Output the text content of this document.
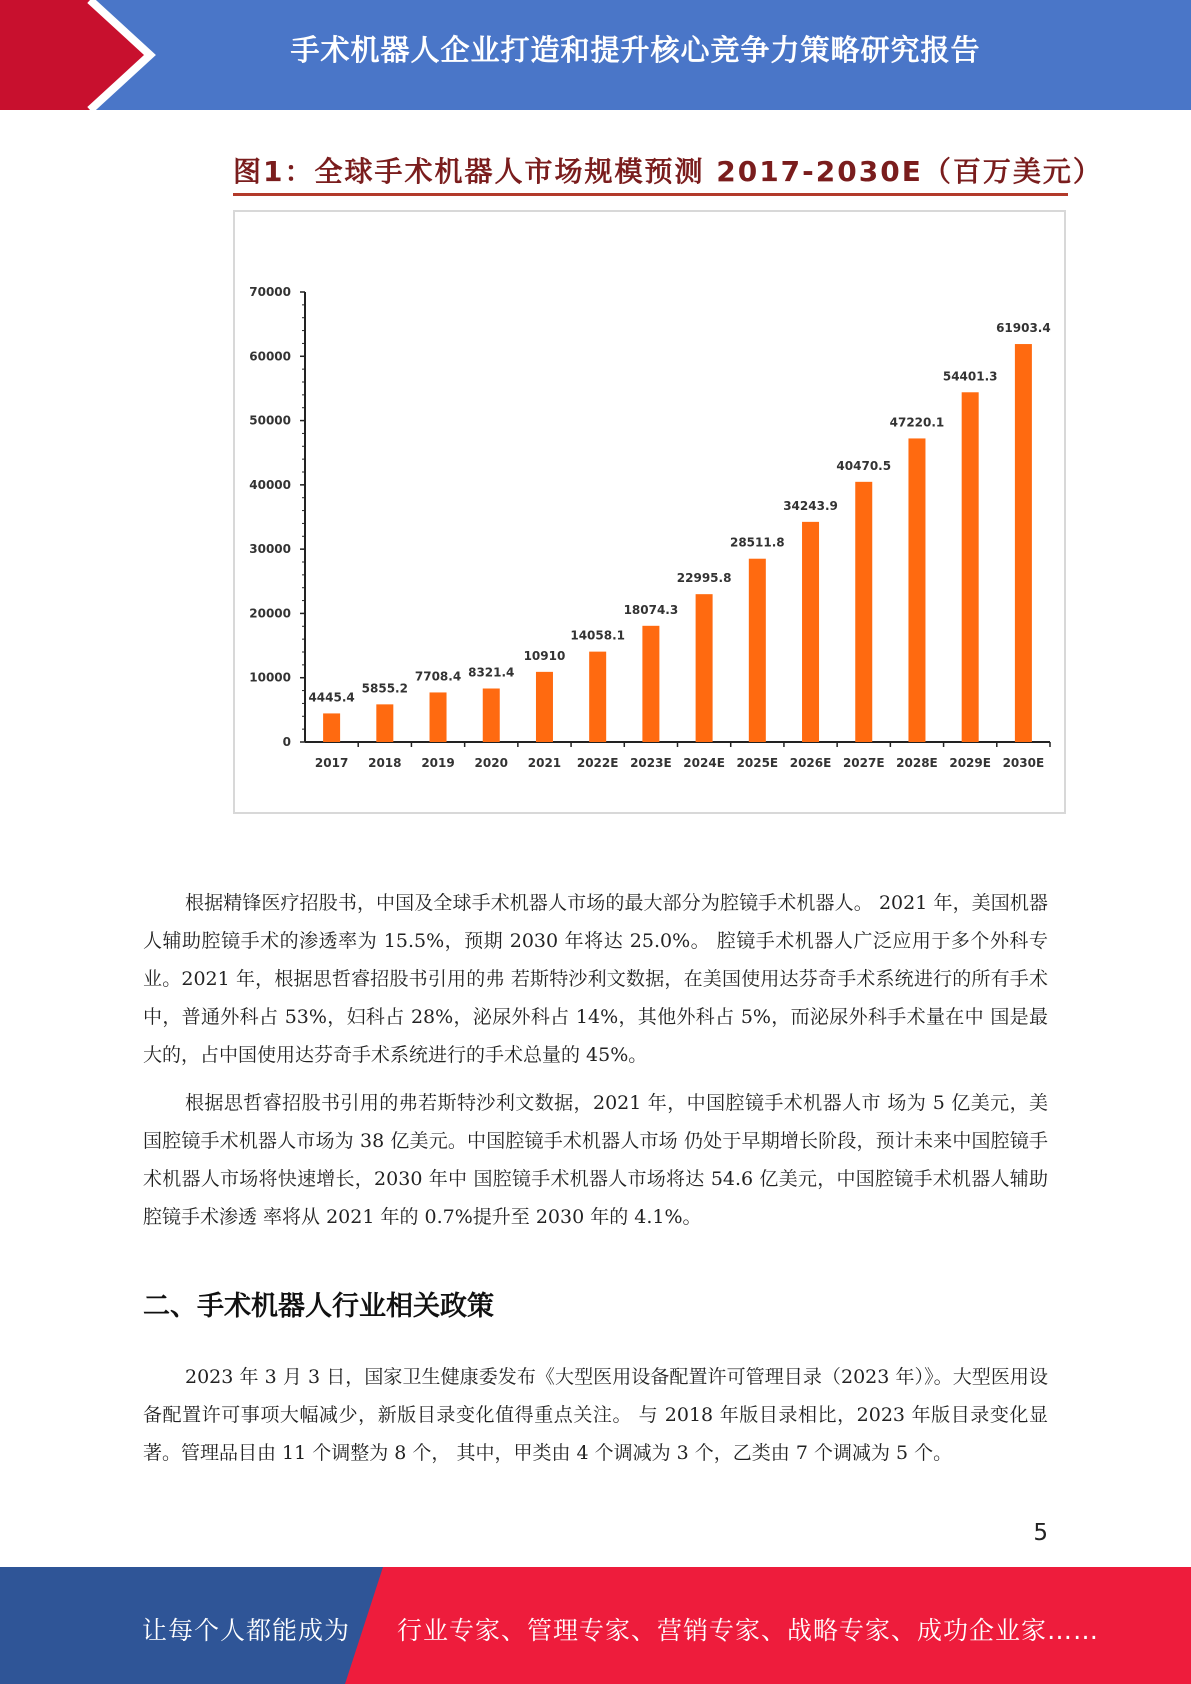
手术机器人企业打造和提升核心竞争力策略研究报告
图1：全球手术机器人市场规模预测 2017-2030E（百万美元）
0
10000
20000
30000
40000
50000
60000
70000
4445.4
2017
5855.2
2018
7708.4
2019
8321.4
2020
10910
2021
14058.1
2022E
18074.3
2023E
22995.8
2024E
28511.8
2025E
34243.9
2026E
40470.5
2027E
47220.1
2028E
54401.3
2029E
61903.4
2030E
根据精锋医疗招股书，中国及全球手术机器人市场的最大部分为腔镜手术机器人。 2021 年，美国机器人辅助腔镜手术的渗透率为 15.5%，预期 2030 年将达 25.0%。 腔镜手术机器人广泛应用于多个外科专业。2021 年，根据思哲睿招股书引用的弗 若斯特沙利文数据，在美国使用达芬奇手术系统进行的所有手术中，普通外科占 53%，妇科占 28%，泌尿外科占 14%，其他外科占 5%，而泌尿外科手术量在中 国是最大的，占中国使用达芬奇手术系统进行的手术总量的 45%。
根据思哲睿招股书引用的弗若斯特沙利文数据，2021 年，中国腔镜手术机器人市 场为 5 亿美元，美国腔镜手术机器人市场为 38 亿美元。中国腔镜手术机器人市场 仍处于早期增长阶段，预计未来中国腔镜手术机器人市场将快速增长，2030 年中 国腔镜手术机器人市场将达 54.6 亿美元，中国腔镜手术机器人辅助腔镜手术渗透 率将从 2021 年的 0.7%提升至 2030 年的 4.1%。
二、手术机器人行业相关政策
2023 年 3 月 3 日，国家卫生健康委发布《大型医用设备配置许可管理目录（2023 年）》。大型医用设备配置许可事项大幅减少，新版目录变化值得重点关注。 与 2018 年版目录相比，2023 年版目录变化显著。管理品目由 11 个调整为 8 个， 其中，甲类由 4 个调减为 3 个，乙类由 7 个调减为 5 个。
5
让每个人都能成为 行业专家、管理专家、营销专家、战略专家、成功企业家……
